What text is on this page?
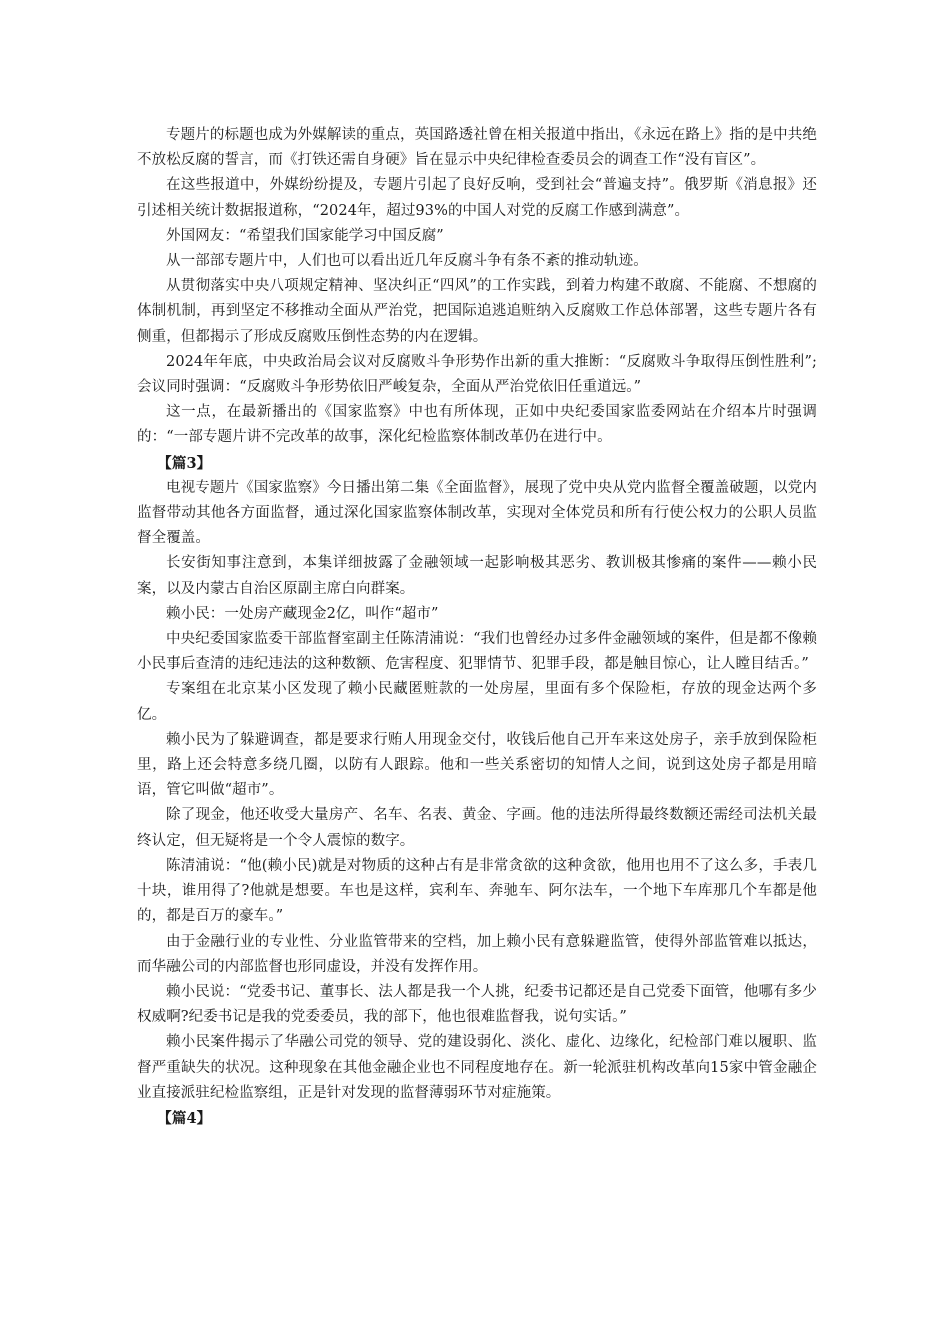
专题片的标题也成为外媒解读的重点，英国路透社曾在相关报道中指出，《永远在路上》指的是中共绝不放松反腐的誓言，而《打铁还需自身硬》旨在显示中央纪律检查委员会的调查工作“没有盲区”。

在这些报道中，外媒纷纷提及，专题片引起了良好反响，受到社会“普遍支持”。俄罗斯《消息报》还引述相关统计数据报道称，“2024年，超过93%的中国人对党的反腐工作感到满意”。

外国网友：“希望我们国家能学习中国反腐”

从一部部专题片中，人们也可以看出近几年反腐斗争有条不紊的推动轨迹。

从贯彻落实中央八项规定精神、坚决纠正“四风”的工作实践，到着力构建不敢腐、不能腐、不想腐的体制机制，再到坚定不移推动全面从严治党，把国际追逃追赃纳入反腐败工作总体部署，这些专题片各有侧重，但都揭示了形成反腐败压倒性态势的内在逻辑。

2024年年底，中央政治局会议对反腐败斗争形势作出新的重大推断：“反腐败斗争取得压倒性胜利”;会议同时强调：“反腐败斗争形势依旧严峻复杂，全面从严治党依旧任重道远。”

这一点，在最新播出的《国家监察》中也有所体现，正如中央纪委国家监委网站在介绍本片时强调的：“一部专题片讲不完改革的故事，深化纪检监察体制改革仍在进行中。

【篇3】

电视专题片《国家监察》今日播出第二集《全面监督》，展现了党中央从党内监督全覆盖破题，以党内监督带动其他各方面监督，通过深化国家监察体制改革，实现对全体党员和所有行使公权力的公职人员监督全覆盖。

长安街知事注意到，本集详细披露了金融领域一起影响极其恶劣、教训极其惨痛的案件——赖小民案，以及内蒙古自治区原副主席白向群案。

赖小民：一处房产藏现金2亿，叫作“超市”

中央纪委国家监委干部监督室副主任陈清浦说：“我们也曾经办过多件金融领域的案件，但是都不像赖小民事后查清的违纪违法的这种数额、危害程度、犯罪情节、犯罪手段，都是触目惊心，让人瞠目结舌。”

专案组在北京某小区发现了赖小民藏匿赃款的一处房屋，里面有多个保险柜，存放的现金达两个多亿。

赖小民为了躲避调查，都是要求行贿人用现金交付，收钱后他自己开车来这处房子，亲手放到保险柜里，路上还会特意多绕几圈，以防有人跟踪。他和一些关系密切的知情人之间，说到这处房子都是用暗语，管它叫做“超市”。

除了现金，他还收受大量房产、名车、名表、黄金、字画。他的违法所得最终数额还需经司法机关最终认定，但无疑将是一个令人震惊的数字。

陈清浦说：“他(赖小民)就是对物质的这种占有是非常贪欲的这种贪欲，他用也用不了这么多，手表几十块，谁用得了?他就是想要。车也是这样，宾利车、奔驰车、阿尔法车，一个地下车库那几个车都是他的，都是百万的豪车。”

由于金融行业的专业性、分业监管带来的空档，加上赖小民有意躲避监管，使得外部监管难以抵达，而华融公司的内部监督也形同虚设，并没有发挥作用。

赖小民说：“党委书记、董事长、法人都是我一个人挑，纪委书记都还是自己党委下面管，他哪有多少权威啊?纪委书记是我的党委委员，我的部下，他也很难监督我，说句实话。”

赖小民案件揭示了华融公司党的领导、党的建设弱化、淡化、虚化、边缘化，纪检部门难以履职、监督严重缺失的状况。这种现象在其他金融企业也不同程度地存在。新一轮派驻机构改革向15家中管金融企业直接派驻纪检监察组，正是针对发现的监督薄弱环节对症施策。

【篇4】
